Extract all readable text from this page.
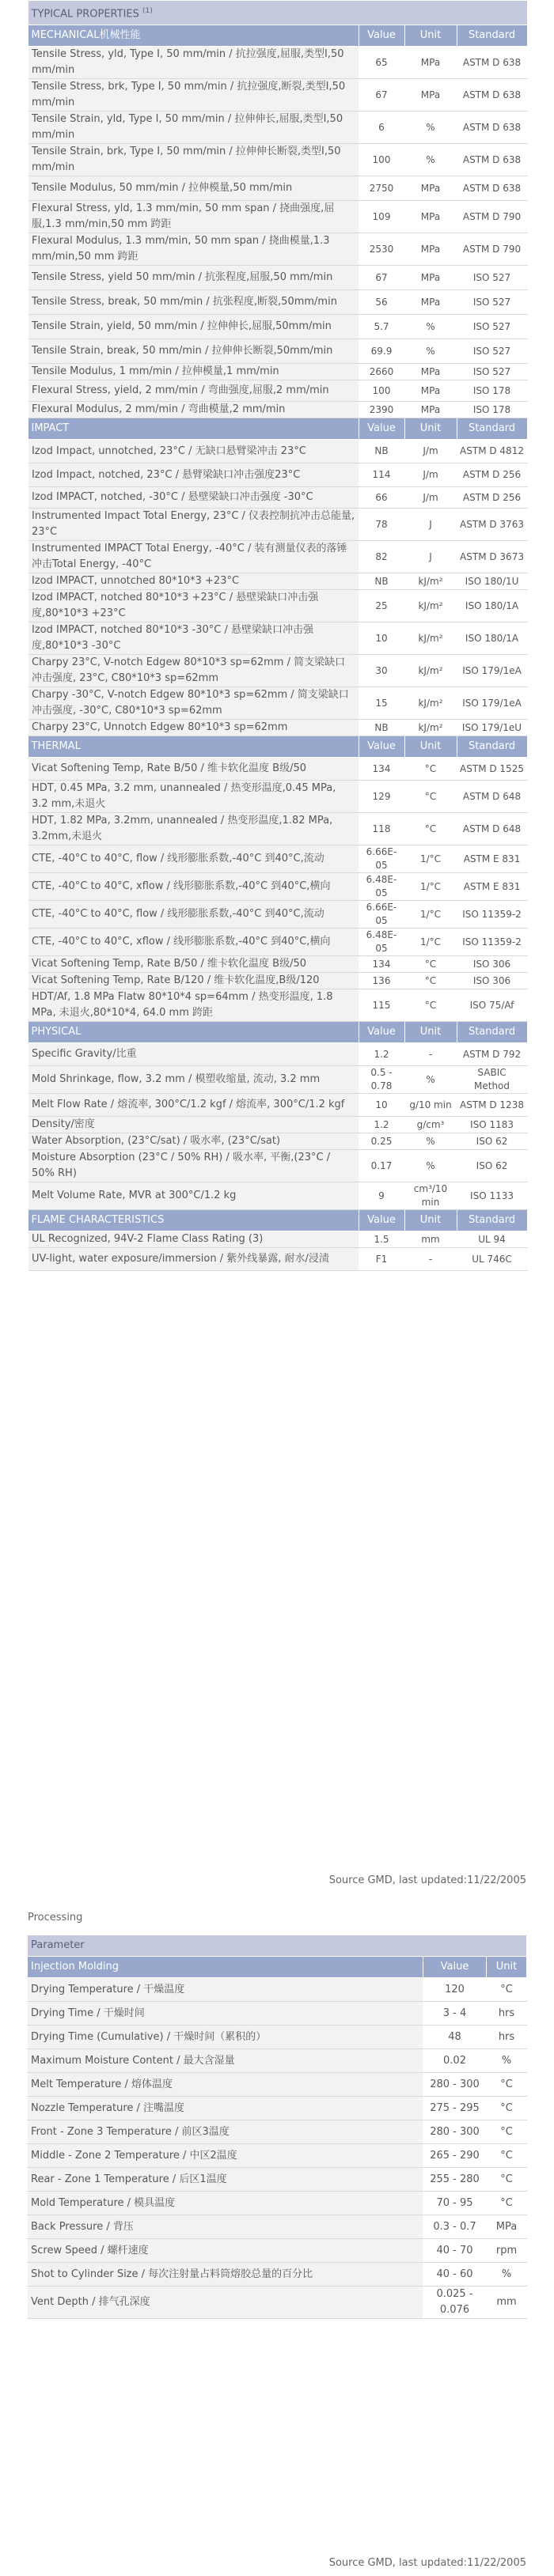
TYPICAL PROPERTIES $^{(1)}$
MECHANICAL机械性能	Value	Unit	Standard
Tensile Stress, yld, Type I, 50 mm/min / 抗拉强度,屈服,类型I,50 mm/min	65	MPa	ASTM D 638
Tensile Stress, brk, Type I, 50 mm/min / 抗拉强度,断裂,类型I,50 mm/min	67	MPa	ASTM D 638
Tensile Strain, yld, Type I, 50 mm/min / 拉伸伸长,屈服,类型I,50 mm/min	6	%	ASTM D 638
Tensile Strain, brk, Type I, 50 mm/min / 拉伸伸长断裂,类型I,50 mm/min	100	%	ASTM D 638
Tensile Modulus, 50 mm/min / 拉伸模量,50 mm/min	2750	MPa	ASTM D 638
Flexural Stress, yld, 1.3 mm/min, 50 mm span / 挠曲强度,屈服,1.3 mm/min,50 mm 跨距	109	MPa	ASTM D 790
Flexural Modulus, 1.3 mm/min, 50 mm span / 挠曲模量,1.3 mm/min,50 mm 跨距	2530	MPa	ASTM D 790
Tensile Stress, yield 50 mm/min / 抗张程度,屈服,50 mm/min	67	MPa	ISO 527
Tensile Stress, break, 50 mm/min / 抗张程度,断裂,50mm/min	56	MPa	ISO 527
Tensile Strain, yield, 50 mm/min / 拉伸伸长,屈服,50mm/min	5.7	%	ISO 527
Tensile Strain, break, 50 mm/min / 拉伸伸长断裂,50mm/min	69.9	%	ISO 527
Tensile Modulus, 1 mm/min / 拉伸模量,1 mm/min	2660	MPa	ISO 527
Flexural Stress, yield, 2 mm/min / 弯曲强度,屈服,2 mm/min	100	MPa	ISO 178
Flexural Modulus, 2 mm/min / 弯曲模量,2 mm/min	2390	MPa	ISO 178
IMPACT	Value	Unit	Standard
Izod Impact, unnotched, 23°C / 无缺口悬臂梁冲击 23°C	NB	J/m	ASTM D 4812
Izod Impact, notched, 23°C / 悬臂梁缺口冲击强度23°C	114	J/m	ASTM D 256
Izod IMPACT, notched, -30°C / 悬壁梁缺口冲击强度 -30°C	66	J/m	ASTM D 256
Instrumented Impact Total Energy, 23°C / 仪表控制抗冲击总能量, 23°C	78	J	ASTM D 3763
Instrumented IMPACT Total Energy, -40°C / 装有测量仪表的落锤冲击Total Energy, -40°C	82	J	ASTM D 3673
Izod IMPACT, unnotched 80*10*3 +23°C	NB	kJ/m²	ISO 180/1U
Izod IMPACT, notched 80*10*3 +23°C / 悬壁梁缺口冲击强度,80*10*3 +23°C	25	kJ/m²	ISO 180/1A
Izod IMPACT, notched 80*10*3 -30°C / 悬壁梁缺口冲击强度,80*10*3 -30°C	10	kJ/m²	ISO 180/1A
Charpy 23°C, V-notch Edgew 80*10*3 sp=62mm / 简支梁缺口冲击强度, 23°C, C80*10*3 sp=62mm	30	kJ/m²	ISO 179/1eA
Charpy -30°C, V-notch Edgew 80*10*3 sp=62mm / 简支梁缺口冲击强度, -30°C, C80*10*3 sp=62mm	15	kJ/m²	ISO 179/1eA
Charpy 23°C, Unnotch Edgew 80*10*3 sp=62mm	NB	kJ/m²	ISO 179/1eU
THERMAL	Value	Unit	Standard
Vicat Softening Temp, Rate B/50 / 维卡软化温度 B级/50	134	°C	ASTM D 1525
HDT, 0.45 MPa, 3.2 mm, unannealed / 热变形温度,0.45 MPa, 3.2 mm,未退火	129	°C	ASTM D 648
HDT, 1.82 MPa, 3.2mm, unannealed / 热变形温度,1.82 MPa, 3.2mm,未退火	118	°C	ASTM D 648
CTE, -40°C to 40°C, flow / 线形膨胀系数,-40°C 到40°C,流动	6.66E-05	1/°C	ASTM E 831
CTE, -40°C to 40°C, xflow / 线形膨胀系数,-40°C 到40°C,横向	6.48E-05	1/°C	ASTM E 831
CTE, -40°C to 40°C, flow / 线形膨胀系数,-40°C 到40°C,流动	6.66E-05	1/°C	ISO 11359-2
CTE, -40°C to 40°C, xflow / 线形膨胀系数,-40°C 到40°C,横向	6.48E-05	1/°C	ISO 11359-2
Vicat Softening Temp, Rate B/50 / 维卡软化温度 B级/50	134	°C	ISO 306
Vicat Softening Temp, Rate B/120 / 维卡软化温度,B级/120	136	°C	ISO 306
HDT/Af, 1.8 MPa Flatw 80*10*4 sp=64mm / 热变形温度, 1.8 MPa, 未退火,80*10*4, 64.0 mm 跨距	115	°C	ISO 75/Af
PHYSICAL	Value	Unit	Standard
Specific Gravity/比重	1.2	-	ASTM D 792
Mold Shrinkage, flow, 3.2 mm / 模塑收缩量, 流动, 3.2 mm	0.5 - 0.78	%	SABIC Method
Melt Flow Rate / 熔流率, 300°C/1.2 kgf / 熔流率, 300°C/1.2 kgf	10	g/10 min	ASTM D 1238
Density/密度	1.2	g/cm³	ISO 1183
Water Absorption, (23°C/sat) / 吸水率, (23°C/sat)	0.25	%	ISO 62
Moisture Absorption (23°C / 50% RH) / 吸水率, 平衡,(23°C / 50% RH)	0.17	%	ISO 62
Melt Volume Rate, MVR at 300°C/1.2 kg	9	cm³/10 min	ISO 1133
FLAME CHARACTERISTICS	Value	Unit	Standard
UL Recognized, 94V-2 Flame Class Rating (3)	1.5	mm	UL 94
UV-light, water exposure/immersion / 紫外线暴露, 耐水/浸渍	F1	-	UL 746C
Source GMD, last updated:11/22/2005
Processing
Parameter		
Injection Molding	Value	Unit
Drying Temperature / 干燥温度	120	°C
Drying Time / 干燥时间	3 - 4	hrs
Drying Time (Cumulative) / 干燥时间（累积的）	48	hrs
Maximum Moisture Content / 最大含湿量	0.02	%
Melt Temperature / 熔体温度	280 - 300	°C
Nozzle Temperature / 注嘴温度	275 - 295	°C
Front - Zone 3 Temperature / 前区3温度	280 - 300	°C
Middle - Zone 2 Temperature / 中区2温度	265 - 290	°C
Rear - Zone 1 Temperature / 后区1温度	255 - 280	°C
Mold Temperature / 模具温度	70 - 95	°C
Back Pressure / 背压	0.3 - 0.7	MPa
Screw Speed / 螺杆速度	40 - 70	rpm
Shot to Cylinder Size / 每次注射量占料筒熔胶总量的百分比	40 - 60	%
Vent Depth / 排气孔深度	0.025 - 0.076	mm
Source GMD, last updated:11/22/2005
